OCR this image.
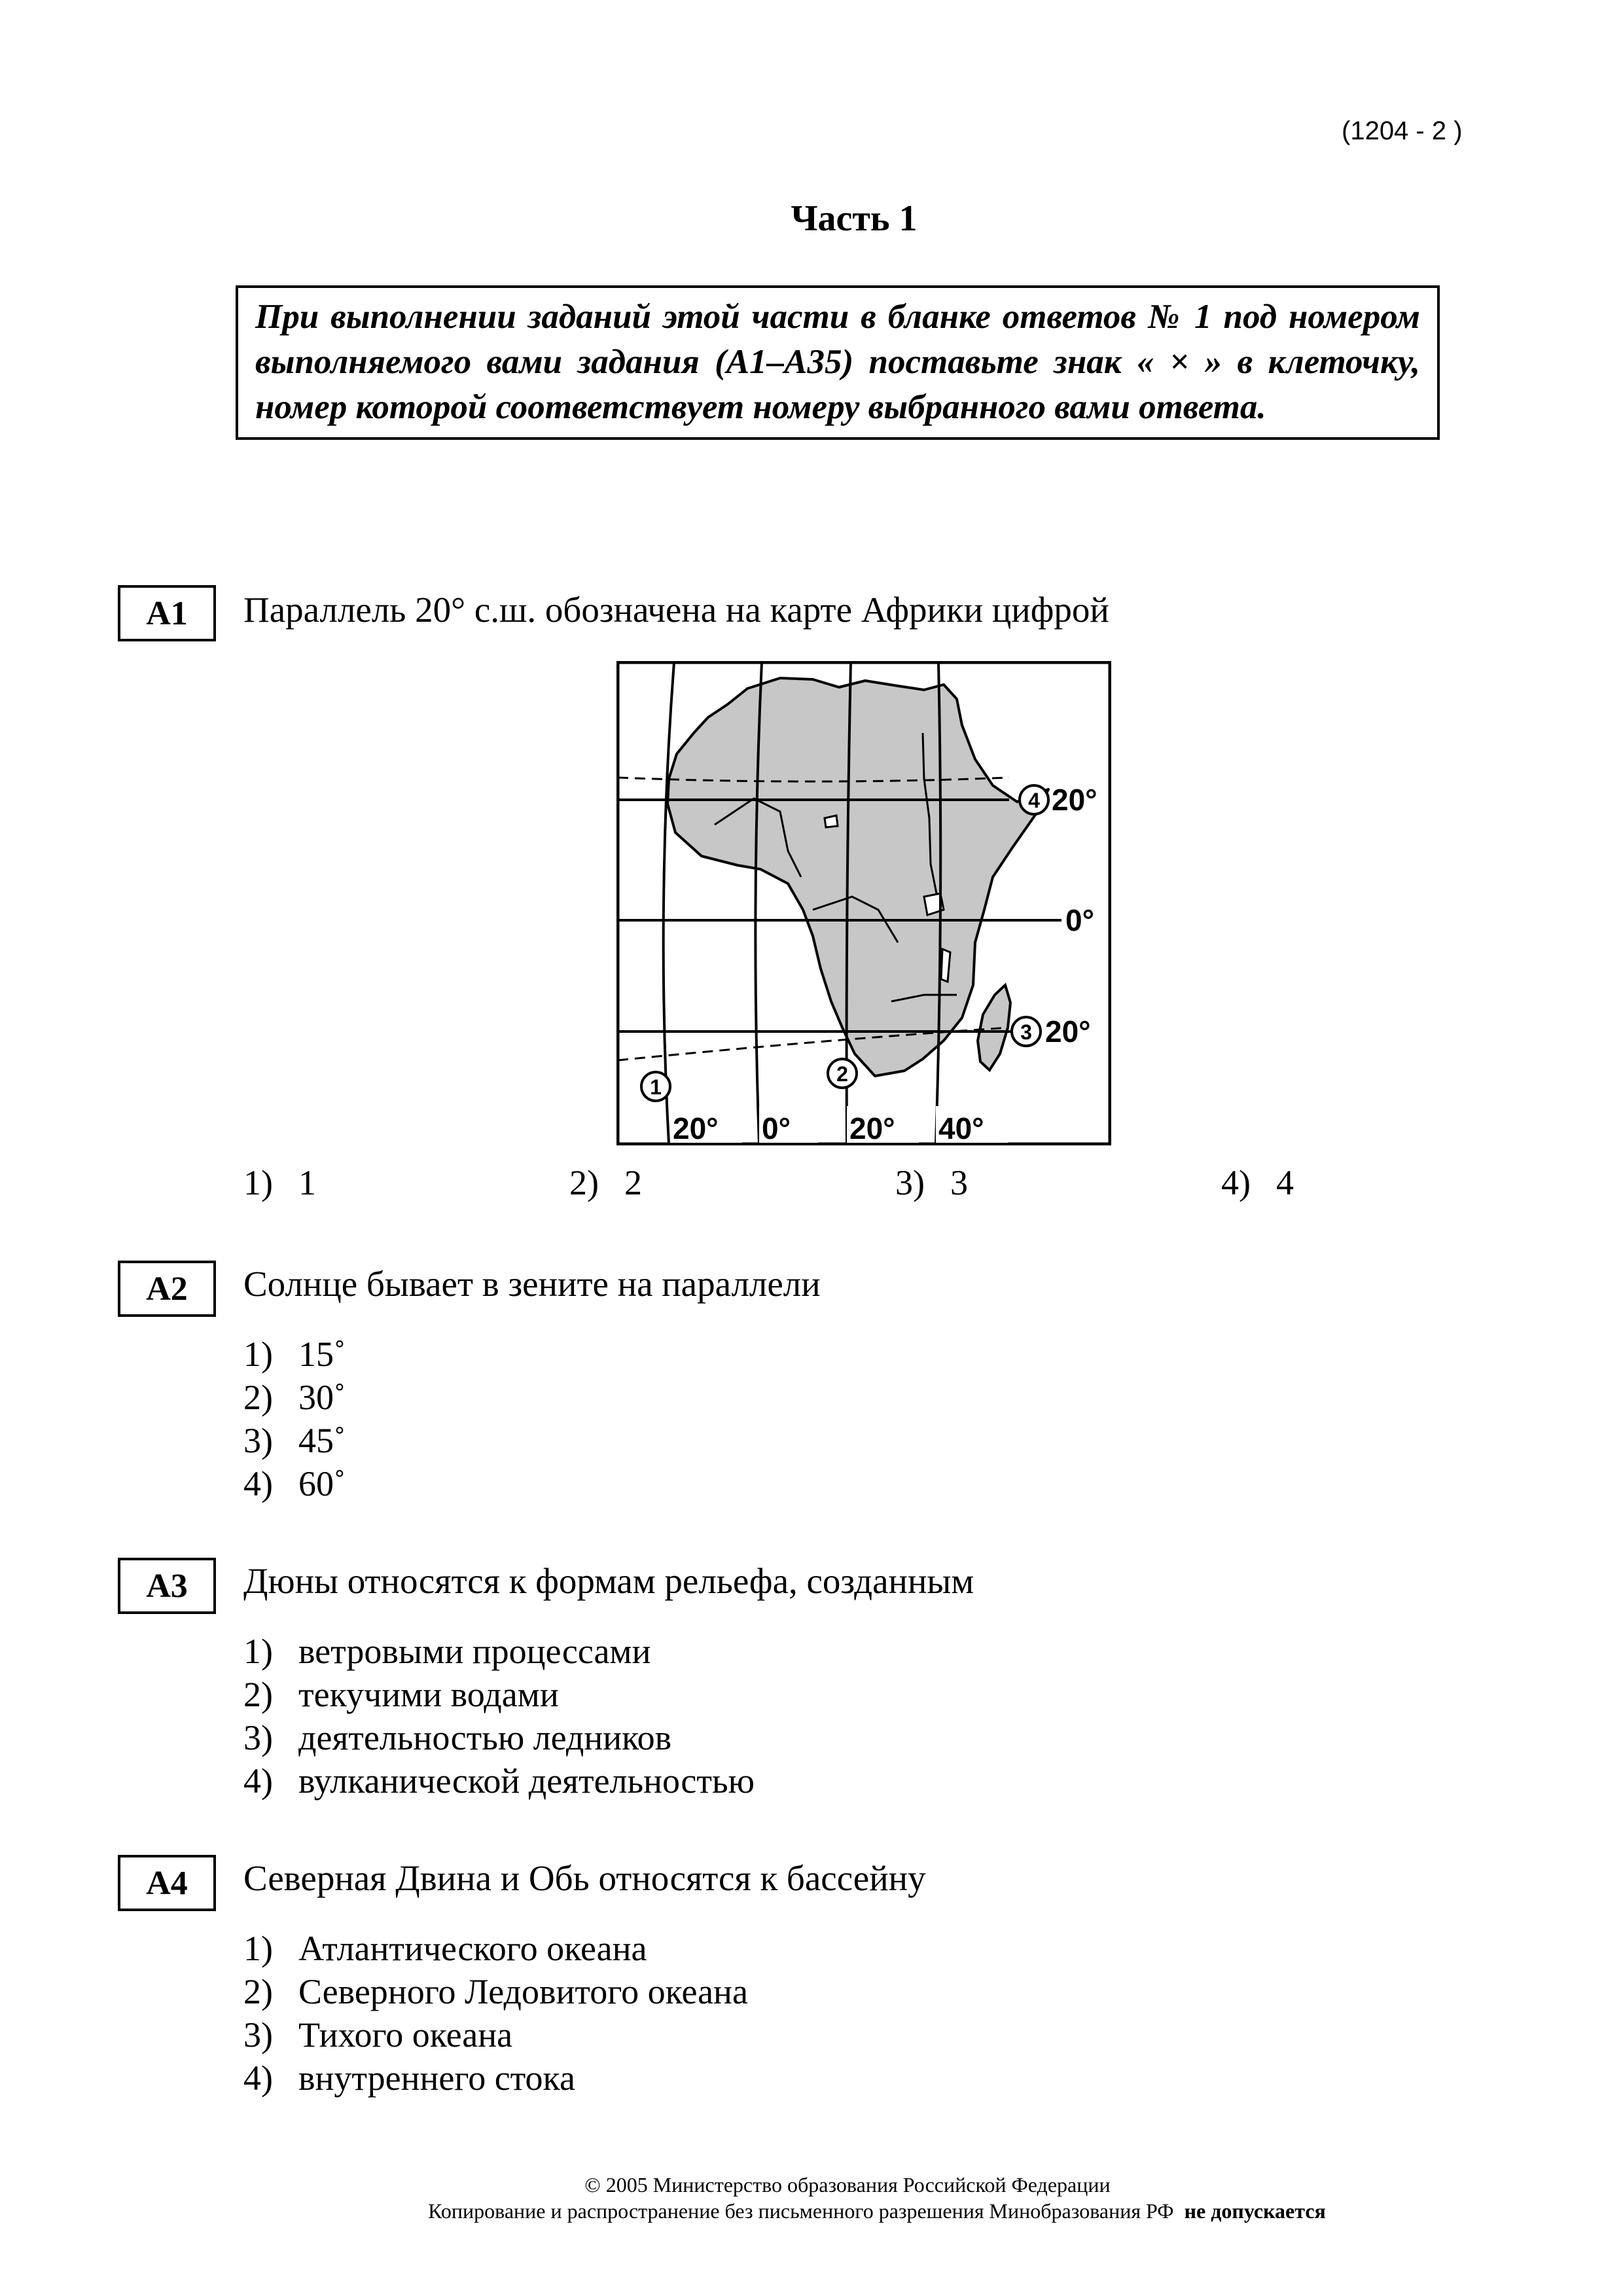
(1204 - 2 )
Часть 1
При выполнении заданий этой части в бланке ответов № 1 под номером выполняемого вами задания (А1–А35) поставьте знак « × » в клеточку, номер которой соответствует номеру выбранного вами ответа.
А1	Параллель 20° с.ш. обозначена на карте Африки цифрой
4 20°
0°
3 20°
1
2
20° 0° 20° 40°
1) 1	2) 2	3) 3	4) 4
А2	Солнце бывает в зените на параллели
1) 15˚
2) 30˚
3) 45˚
4) 60˚
А3	Дюны относятся к формам рельефа, созданным
1) ветровыми процессами
2) текучими водами
3) деятельностью ледников
4) вулканической деятельностью
А4	Северная Двина и Обь относятся к бассейну
1) Атлантического океана
2) Северного Ледовитого океана
3) Тихого океана
4) внутреннего стока
© 2005 Министерство образования Российской Федерации
Копирование и распространение без письменного разрешения Минобразования РФ не допускается
